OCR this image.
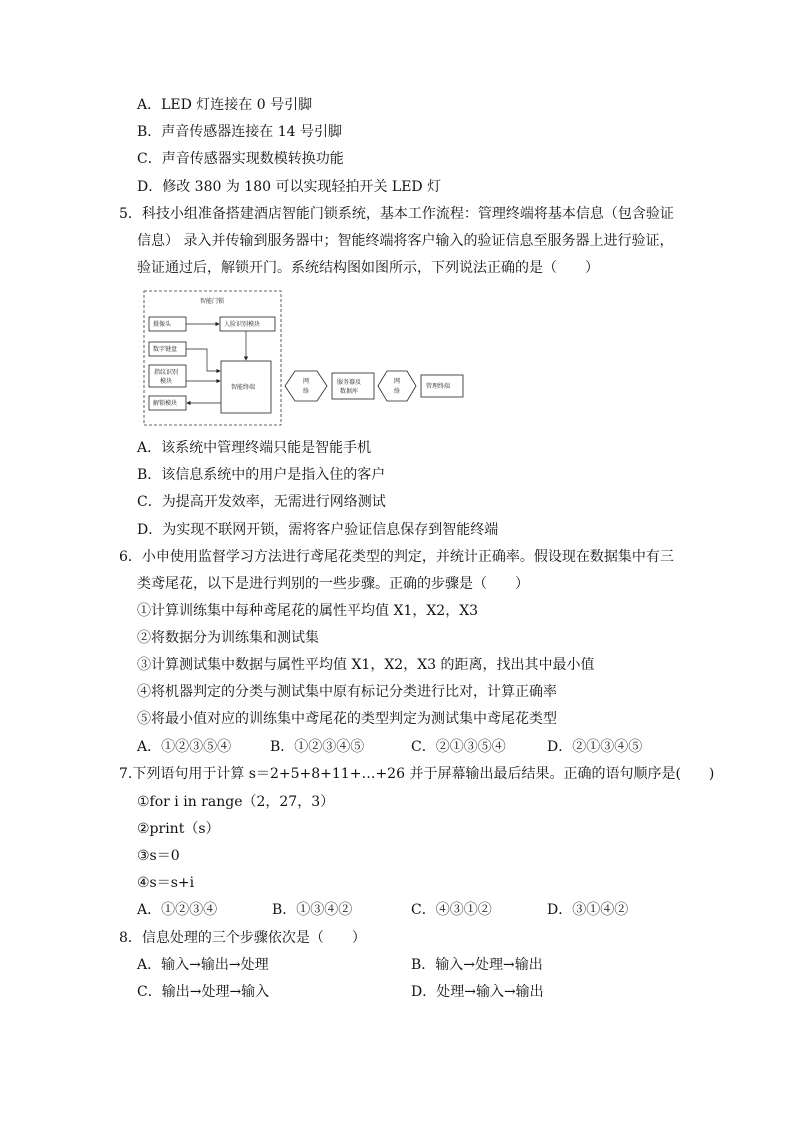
A．LED 灯连接在 0 号引脚
B．声音传感器连接在 14 号引脚
C．声音传感器实现数模转换功能
D．修改 380 为 180 可以实现轻拍开关 LED 灯
5．科技小组准备搭建酒店智能门锁系统，基本工作流程：管理终端将基本信息（包含验证
信息） 录入并传输到服务器中；智能终端将客户输入的验证信息至服务器上进行验证，
验证通过后，解锁开门。系统结构图如图所示，下列说法正确的是（　　）
智能门锁
摄像头	人脸识别模块
数字键盘
指纹识别
模块
解锁模块
智能终端
网
络
服务器及
数据库
网
络
管理终端
A．该系统中管理终端只能是智能手机
B．该信息系统中的用户是指入住的客户
C．为提高开发效率，无需进行网络测试
D．为实现不联网开锁，需将客户验证信息保存到智能终端
6．小申使用监督学习方法进行鸢尾花类型的判定，并统计正确率。假设现在数据集中有三
类鸢尾花，以下是进行判别的一些步骤。正确的步骤是（　　）
①计算训练集中每种鸢尾花的属性平均值 X1，X2，X3
②将数据分为训练集和测试集
③计算测试集中数据与属性平均值 X1，X2，X3 的距离，找出其中最小值
④将机器判定的分类与测试集中原有标记分类进行比对，计算正确率
⑤将最小值对应的训练集中鸢尾花的类型判定为测试集中鸢尾花类型
A．①②③⑤④	B．①②③④⑤	C．②①③⑤④	D．②①③④⑤
7.下列语句用于计算 s＝2+5+8+11+…+26 并于屏幕输出最后结果。正确的语句顺序是(　　)
①for i in range（2，27，3）
②print（s）
③s＝0
④s＝s+i
A．①②③④	B．①③④②	C．④③①②	D．③①④②
8．信息处理的三个步骤依次是（　　）
A．输入→输出→处理	B．输入→处理→输出
C．输出→处理→输入	D．处理→输入→输出
